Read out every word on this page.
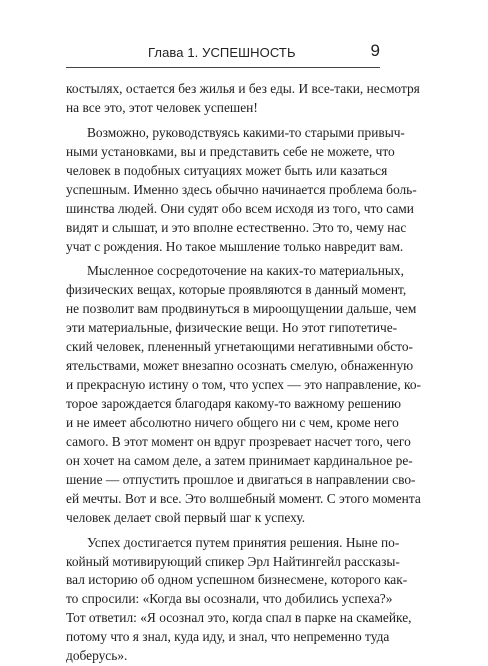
Глава 1. УСПЕШНОСТЬ	9
костылях, остается без жилья и без еды. И все-таки, несмотря
на все это, этот человек успешен!
Возможно, руководствуясь какими-то старыми привыч-
ными установками, вы и представить себе не можете, что
человек в подобных ситуациях может быть или казаться
успешным. Именно здесь обычно начинается проблема боль-
шинства людей. Они судят обо всем исходя из того, что сами
видят и слышат, и это вполне естественно. Это то, чему нас
учат с рождения. Но такое мышление только навредит вам.
Мысленное сосредоточение на каких-то материальных,
физических вещах, которые проявляются в данный момент,
не позволит вам продвинуться в мироощущении дальше, чем
эти материальные, физические вещи. Но этот гипотетиче-
ский человек, плененный угнетающими негативными обсто-
ятельствами, может внезапно осознать смелую, обнаженную
и прекрасную истину о том, что успех — это направление, ко-
торое зарождается благодаря какому-то важному решению
и не имеет абсолютно ничего общего ни с чем, кроме него
самого. В этот момент он вдруг прозревает насчет того, чего
он хочет на самом деле, а затем принимает кардинальное ре-
шение — отпустить прошлое и двигаться в направлении сво-
ей мечты. Вот и все. Это волшебный момент. С этого момента
человек делает свой первый шаг к успеху.
Успех достигается путем принятия решения. Ныне по-
койный мотивирующий спикер Эрл Найтингейл рассказы-
вал историю об одном успешном бизнесмене, которого как-
то спросили: «Когда вы осознали, что добились успеха?»
Тот ответил: «Я осознал это, когда спал в парке на скамейке,
потому что я знал, куда иду, и знал, что непременно туда
доберусь».
